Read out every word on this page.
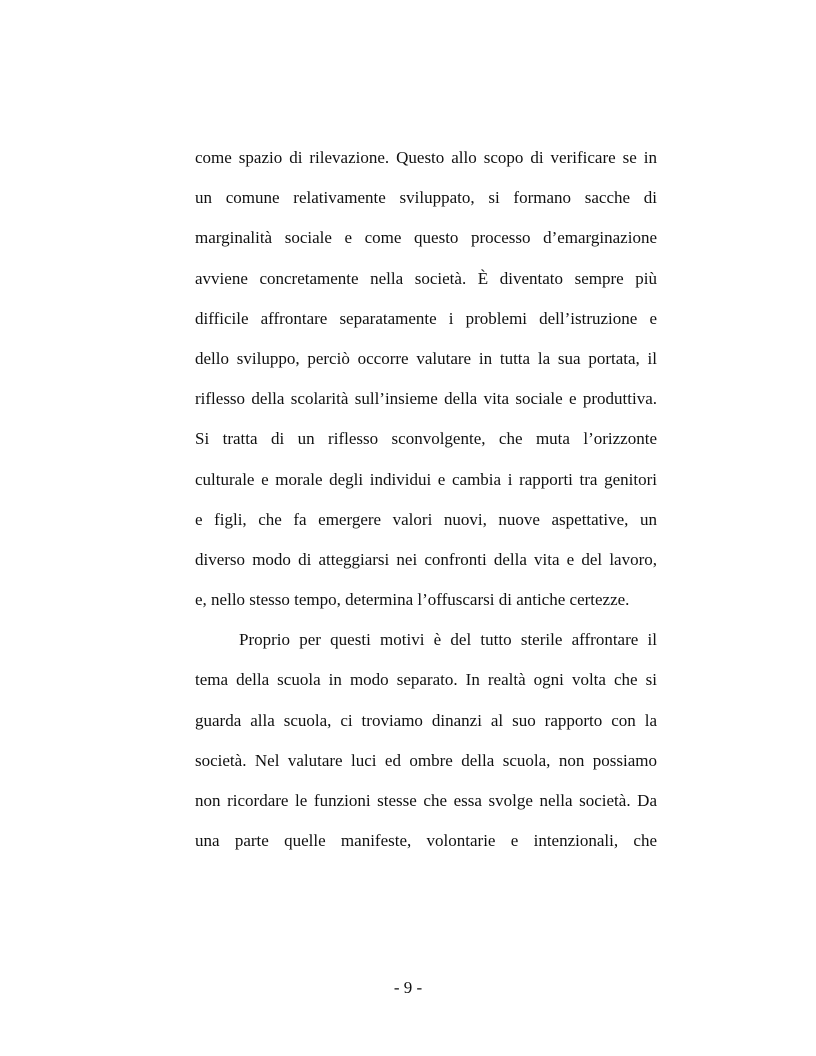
come spazio di rilevazione. Questo allo scopo di verificare se in
un comune relativamente sviluppato, si formano sacche di
marginalità sociale e come questo processo d’emarginazione
avviene concretamente nella società. È diventato sempre più
difficile affrontare separatamente i problemi dell’istruzione e
dello sviluppo, perciò occorre valutare in tutta la sua portata, il
riflesso della scolarità sull’insieme della vita sociale e produttiva.
Si tratta di un riflesso sconvolgente, che muta l’orizzonte
culturale e morale degli individui e cambia i rapporti tra genitori
e figli, che fa emergere valori nuovi, nuove aspettative, un
diverso modo di atteggiarsi nei confronti della vita e del lavoro,
e, nello stesso tempo, determina l’offuscarsi di antiche certezze.
Proprio per questi motivi è del tutto sterile affrontare il
tema della scuola in modo separato. In realtà ogni volta che si
guarda alla scuola, ci troviamo dinanzi al suo rapporto con la
società. Nel valutare luci ed ombre della scuola, non possiamo
non ricordare le funzioni stesse che essa svolge nella società. Da
una parte quelle manifeste, volontarie e intenzionali, che
- 9 -
